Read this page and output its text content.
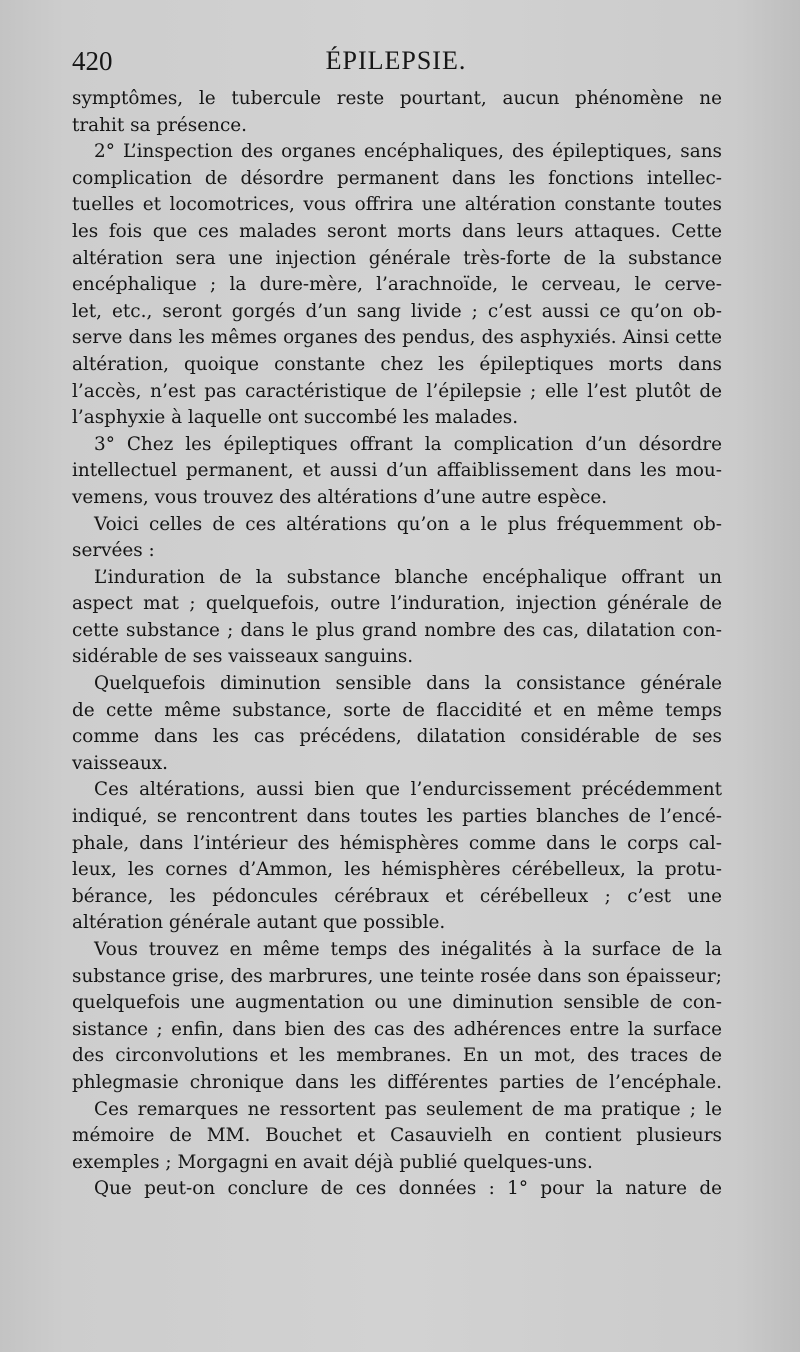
420	ÉPILEPSIE.
symptômes, le tubercule reste pourtant, aucun phénomène ne
trahit sa présence.
2° L’inspection des organes encéphaliques, des épileptiques, sans
complication de désordre permanent dans les fonctions intellec-
tuelles et locomotrices, vous offrira une altération constante toutes
les fois que ces malades seront morts dans leurs attaques. Cette
altération sera une injection générale très-forte de la substance
encéphalique ; la dure-mère, l’arachnoïde, le cerveau, le cerve-
let, etc., seront gorgés d’un sang livide ; c’est aussi ce qu’on ob-
serve dans les mêmes organes des pendus, des asphyxiés. Ainsi cette
altération, quoique constante chez les épileptiques morts dans
l’accès, n’est pas caractéristique de l’épilepsie ; elle l’est plutôt de
l’asphyxie à laquelle ont succombé les malades.
3° Chez les épileptiques offrant la complication d’un désordre
intellectuel permanent, et aussi d’un affaiblissement dans les mou-
vemens, vous trouvez des altérations d’une autre espèce.
Voici celles de ces altérations qu’on a le plus fréquemment ob-
servées :
L’induration de la substance blanche encéphalique offrant un
aspect mat ; quelquefois, outre l’induration, injection générale de
cette substance ; dans le plus grand nombre des cas, dilatation con-
sidérable de ses vaisseaux sanguins.
Quelquefois diminution sensible dans la consistance générale
de cette même substance, sorte de flaccidité et en même temps
comme dans les cas précédens, dilatation considérable de ses
vaisseaux.
Ces altérations, aussi bien que l’endurcissement précédemment
indiqué, se rencontrent dans toutes les parties blanches de l’encé-
phale, dans l’intérieur des hémisphères comme dans le corps cal-
leux, les cornes d’Ammon, les hémisphères cérébelleux, la protu-
bérance, les pédoncules cérébraux et cérébelleux ; c’est une
altération générale autant que possible.
Vous trouvez en même temps des inégalités à la surface de la
substance grise, des marbrures, une teinte rosée dans son épaisseur;
quelquefois une augmentation ou une diminution sensible de con-
sistance ; enfin, dans bien des cas des adhérences entre la surface
des circonvolutions et les membranes. En un mot, des traces de
phlegmasie chronique dans les différentes parties de l’encéphale.
Ces remarques ne ressortent pas seulement de ma pratique ; le
mémoire de MM. Bouchet et Casauvielh en contient plusieurs
exemples ; Morgagni en avait déjà publié quelques-uns.
Que peut-on conclure de ces données : 1° pour la nature de
